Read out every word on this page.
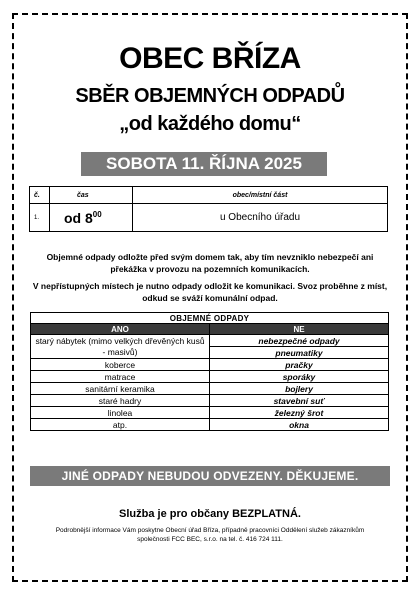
OBEC BŘÍZA
SBĚR OBJEMNÝCH ODPADŮ
„od každého domu“
SOBOTA 11. ŘÍJNA 2025
č.	čas	obec/místní část
1.	od $8^{00}$	u Obecního úřadu
Objemné odpady odložte před svým domem tak, aby tím nevzniklo nebezpečí ani překážka v provozu na pozemních komunikacích.
V nepřístupných místech je nutno odpady odložit ke komunikaci. Svoz proběhne z míst, odkud se sváží komunální odpad.
OBJEMNÉ ODPADY	
ANO	NE
starý nábytek (mimo velkých dřevěných kusů - masivů)	nebezpečné odpady
	pneumatiky
koberce	pračky
matrace	sporáky
sanitární keramika	bojlery
staré hadry	stavební suť
linolea	železný šrot
atp.	okna
JINÉ ODPADY NEBUDOU ODVEZENY. DĚKUJEME.
Služba je pro občany BEZPLATNÁ.
Podrobnější informace Vám poskytne Obecní úřad Bříza, případně pracovníci Oddělení služeb zákazníkům společnosti FCC BEC, s.r.o. na tel. č. 416 724 111.
